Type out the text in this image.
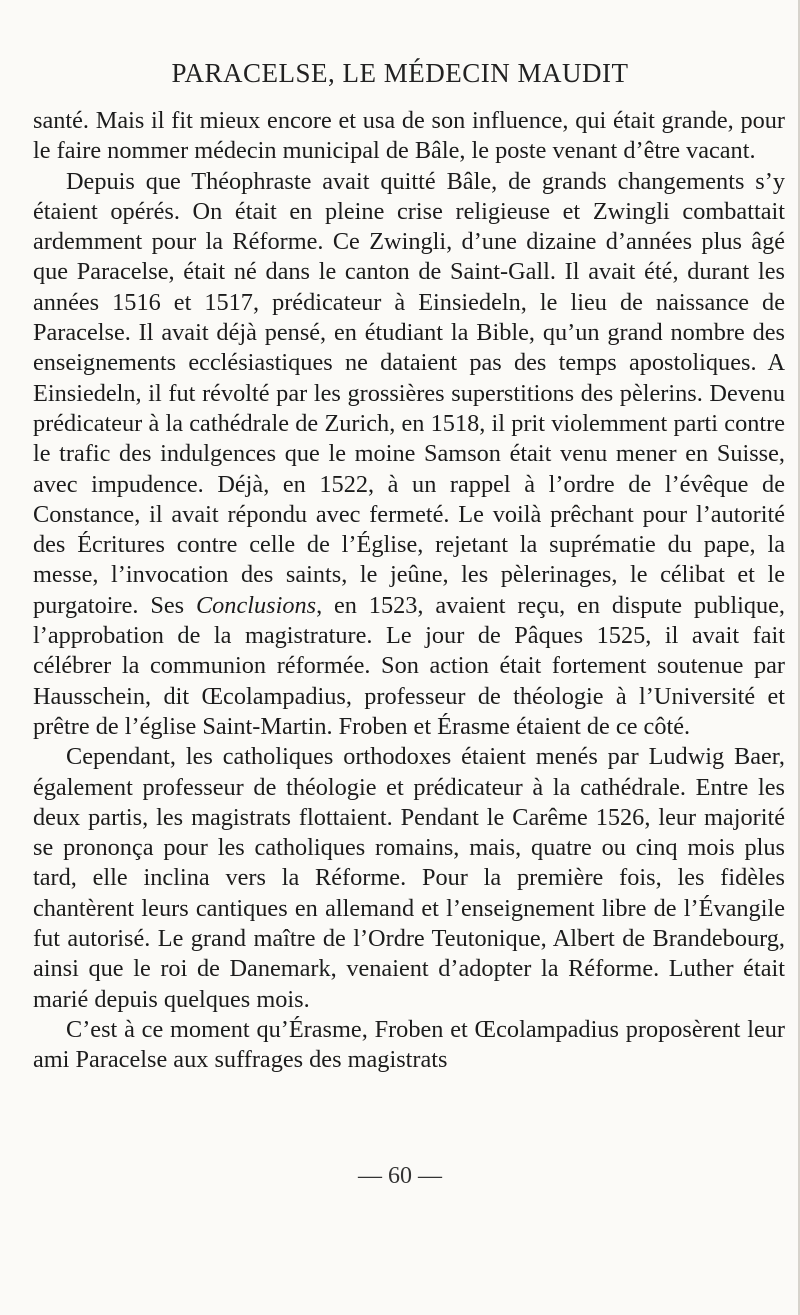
PARACELSE, LE MÉDECIN MAUDIT

santé. Mais il fit mieux encore et usa de son influence, qui était grande, pour le faire nommer médecin municipal de Bâle, le poste venant d’être vacant.

Depuis que Théophraste avait quitté Bâle, de grands changements s’y étaient opérés. On était en pleine crise religieuse et Zwingli combattait ardemment pour la Réforme. Ce Zwingli, d’une dizaine d’années plus âgé que Paracelse, était né dans le canton de Saint-Gall. Il avait été, durant les années 1516 et 1517, prédicateur à Einsiedeln, le lieu de naissance de Paracelse. Il avait déjà pensé, en étudiant la Bible, qu’un grand nombre des enseignements ecclésiastiques ne dataient pas des temps apostoliques. A Einsiedeln, il fut révolté par les grossières superstitions des pèlerins. Devenu prédicateur à la cathédrale de Zurich, en 1518, il prit violemment parti contre le trafic des indulgences que le moine Samson était venu mener en Suisse, avec impudence. Déjà, en 1522, à un rappel à l’ordre de l’évêque de Constance, il avait répondu avec fermeté. Le voilà prêchant pour l’autorité des Écritures contre celle de l’Église, rejetant la suprématie du pape, la messe, l’invocation des saints, le jeûne, les pèlerinages, le célibat et le purgatoire. Ses Conclusions, en 1523, avaient reçu, en dispute publique, l’approbation de la magistrature. Le jour de Pâques 1525, il avait fait célébrer la communion réformée. Son action était fortement soutenue par Hausschein, dit Œcolampadius, professeur de théologie à l’Université et prêtre de l’église Saint-Martin. Froben et Érasme étaient de ce côté.

Cependant, les catholiques orthodoxes étaient menés par Ludwig Baer, également professeur de théologie et prédicateur à la cathédrale. Entre les deux partis, les magistrats flottaient. Pendant le Carême 1526, leur majorité se prononça pour les catholiques romains, mais, quatre ou cinq mois plus tard, elle inclina vers la Réforme. Pour la première fois, les fidèles chantèrent leurs cantiques en allemand et l’enseignement libre de l’Évangile fut autorisé. Le grand maître de l’Ordre Teutonique, Albert de Brandebourg, ainsi que le roi de Danemark, venaient d’adopter la Réforme. Luther était marié depuis quelques mois.

C’est à ce moment qu’Érasme, Froben et Œcolampadius proposèrent leur ami Paracelse aux suffrages des magistrats

— 60 —
